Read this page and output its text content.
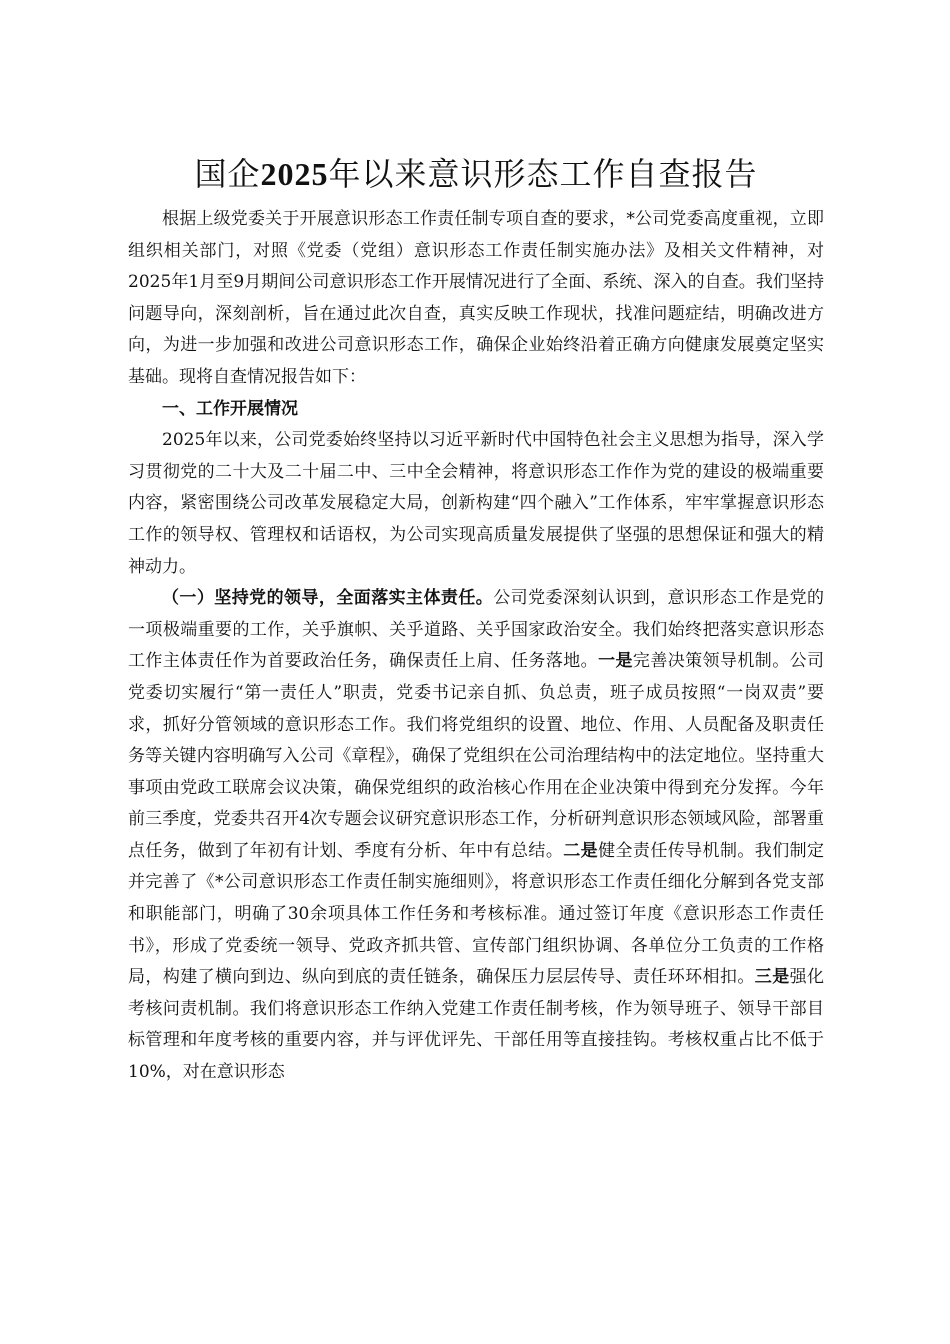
国企2025年以来意识形态工作自查报告

根据上级党委关于开展意识形态工作责任制专项自查的要求，*公司党委高度重视，立即组织相关部门，对照《党委（党组）意识形态工作责任制实施办法》及相关文件精神，对2025年1月至9月期间公司意识形态工作开展情况进行了全面、系统、深入的自查。我们坚持问题导向，深刻剖析，旨在通过此次自查，真实反映工作现状，找准问题症结，明确改进方向，为进一步加强和改进公司意识形态工作，确保企业始终沿着正确方向健康发展奠定坚实基础。现将自查情况报告如下：

一、工作开展情况

2025年以来，公司党委始终坚持以习近平新时代中国特色社会主义思想为指导，深入学习贯彻党的二十大及二十届二中、三中全会精神，将意识形态工作作为党的建设的极端重要内容，紧密围绕公司改革发展稳定大局，创新构建“四个融入”工作体系，牢牢掌握意识形态工作的领导权、管理权和话语权，为公司实现高质量发展提供了坚强的思想保证和强大的精神动力。

（一）坚持党的领导，全面落实主体责任。公司党委深刻认识到，意识形态工作是党的一项极端重要的工作，关乎旗帜、关乎道路、关乎国家政治安全。我们始终把落实意识形态工作主体责任作为首要政治任务，确保责任上肩、任务落地。一是完善决策领导机制。公司党委切实履行“第一责任人”职责，党委书记亲自抓、负总责，班子成员按照“一岗双责”要求，抓好分管领域的意识形态工作。我们将党组织的设置、地位、作用、人员配备及职责任务等关键内容明确写入公司《章程》，确保了党组织在公司治理结构中的法定地位。坚持重大事项由党政工联席会议决策，确保党组织的政治核心作用在企业决策中得到充分发挥。今年前三季度，党委共召开4次专题会议研究意识形态工作，分析研判意识形态领域风险，部署重点任务，做到了年初有计划、季度有分析、年中有总结。二是健全责任传导机制。我们制定并完善了《*公司意识形态工作责任制实施细则》，将意识形态工作责任细化分解到各党支部和职能部门，明确了30余项具体工作任务和考核标准。通过签订年度《意识形态工作责任书》，形成了党委统一领导、党政齐抓共管、宣传部门组织协调、各单位分工负责的工作格局，构建了横向到边、纵向到底的责任链条，确保压力层层传导、责任环环相扣。三是强化考核问责机制。我们将意识形态工作纳入党建工作责任制考核，作为领导班子、领导干部目标管理和年度考核的重要内容，并与评优评先、干部任用等直接挂钩。考核权重占比不低于10%，对在意识形态
